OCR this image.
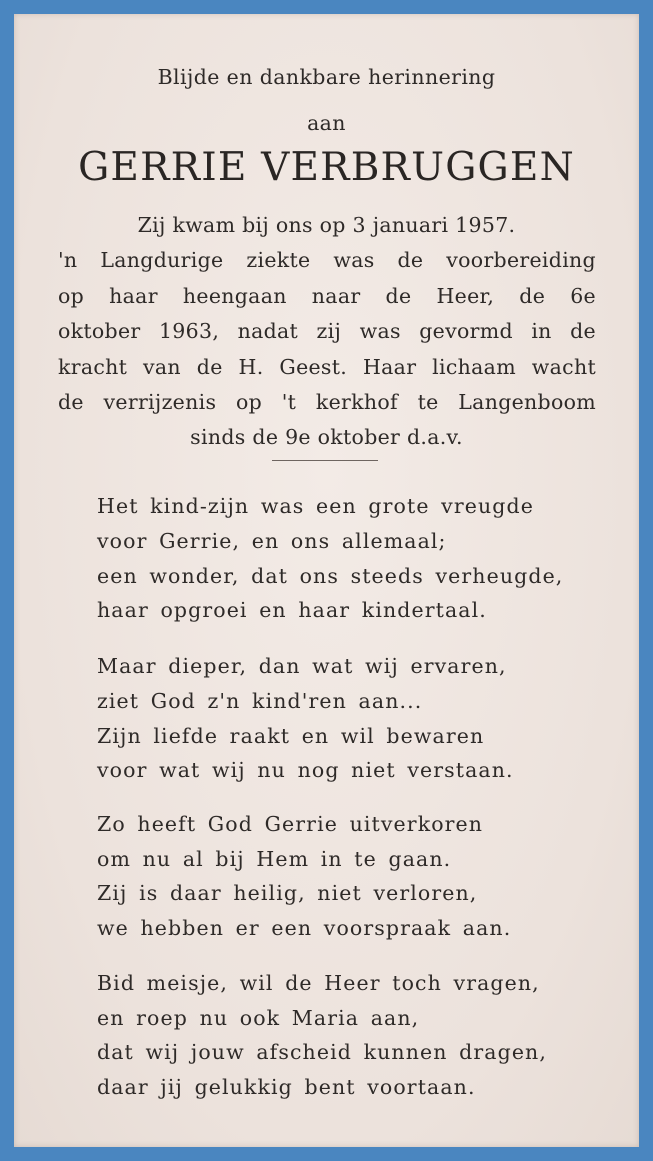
Blijde en dankbare herinnering

aan

GERRIE VERBRUGGEN

Zij kwam bij ons op 3 januari 1957.

'n Langdurige ziekte was de voorbereiding

op haar heengaan naar de Heer, de 6e

oktober 1963, nadat zij was gevormd in de

kracht van de H. Geest. Haar lichaam wacht

de verrijzenis op 't kerkhof te Langenboom

sinds de 9e oktober d.a.v.

Het kind-zijn was een grote vreugde

voor Gerrie, en ons allemaal;

een wonder, dat ons steeds verheugde,

haar opgroei en haar kindertaal.

Maar dieper, dan wat wij ervaren,

ziet God z'n kind'ren aan...

Zijn liefde raakt en wil bewaren

voor wat wij nu nog niet verstaan.

Zo heeft God Gerrie uitverkoren

om nu al bij Hem in te gaan.

Zij is daar heilig, niet verloren,

we hebben er een voorspraak aan.

Bid meisje, wil de Heer toch vragen,

en roep nu ook Maria aan,

dat wij jouw afscheid kunnen dragen,

daar jij gelukkig bent voortaan.
